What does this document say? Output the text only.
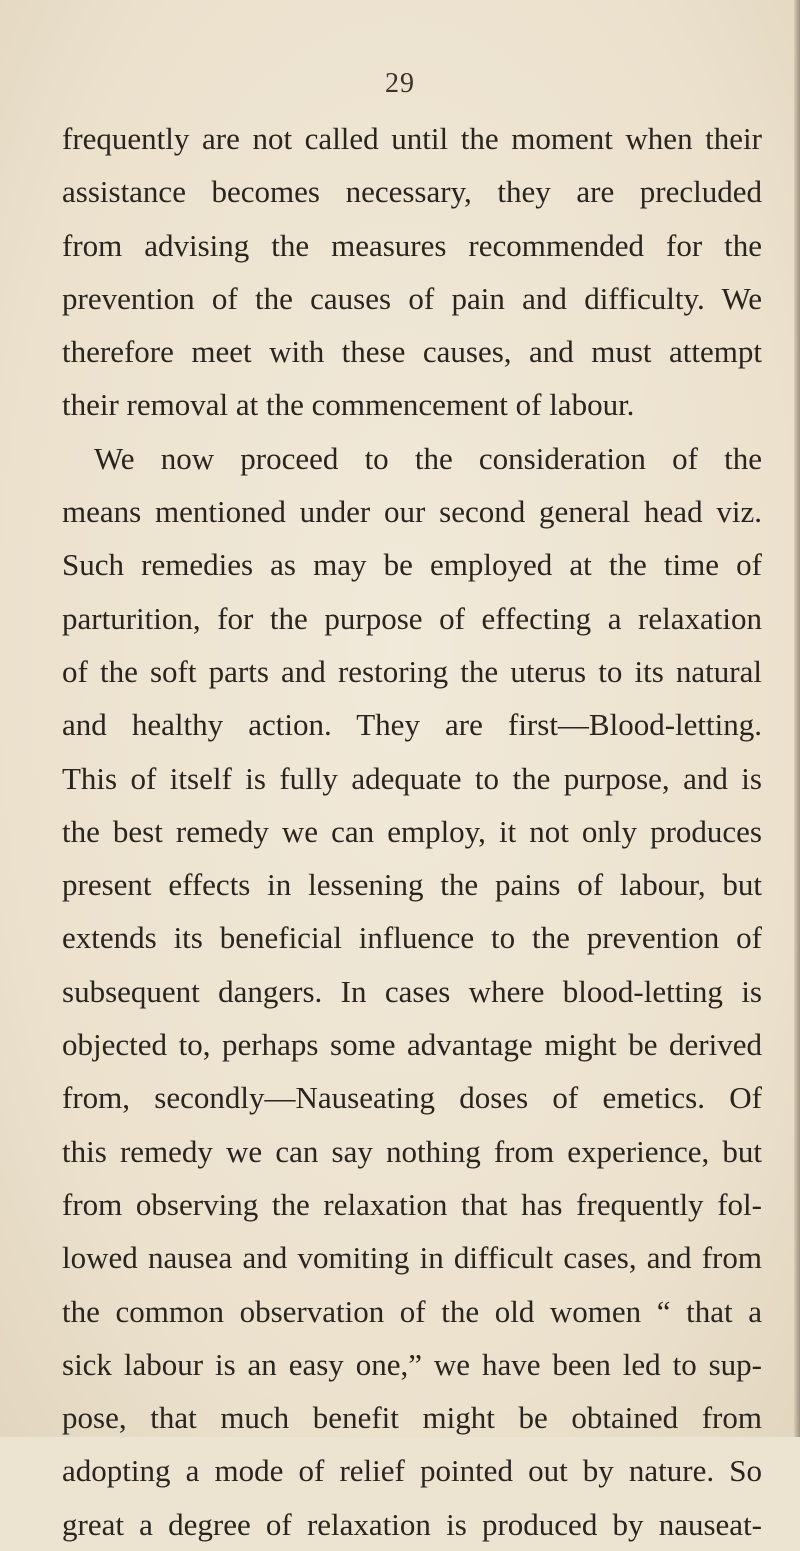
29
frequently are not called until the moment when their
assistance becomes necessary, they are precluded
from advising the measures recommended for the
prevention of the causes of pain and difficulty. We
therefore meet with these causes, and must attempt
their removal at the commencement of labour.
We now proceed to the consideration of the
means mentioned under our second general head viz.
Such remedies as may be employed at the time of
parturition, for the purpose of effecting a relaxation
of the soft parts and restoring the uterus to its natural
and healthy action. They are first—Blood-letting.
This of itself is fully adequate to the purpose, and is
the best remedy we can employ, it not only produces
present effects in lessening the pains of labour, but
extends its beneficial influence to the prevention of
subsequent dangers. In cases where blood-letting is
objected to, perhaps some advantage might be derived
from, secondly—Nauseating doses of emetics. Of
this remedy we can say nothing from experience, but
from observing the relaxation that has frequently fol-
lowed nausea and vomiting in difficult cases, and from
the common observation of the old women “ that a
sick labour is an easy one,” we have been led to sup-
pose, that much benefit might be obtained from
adopting a mode of relief pointed out by nature. So
great a degree of relaxation is produced by nauseat-
